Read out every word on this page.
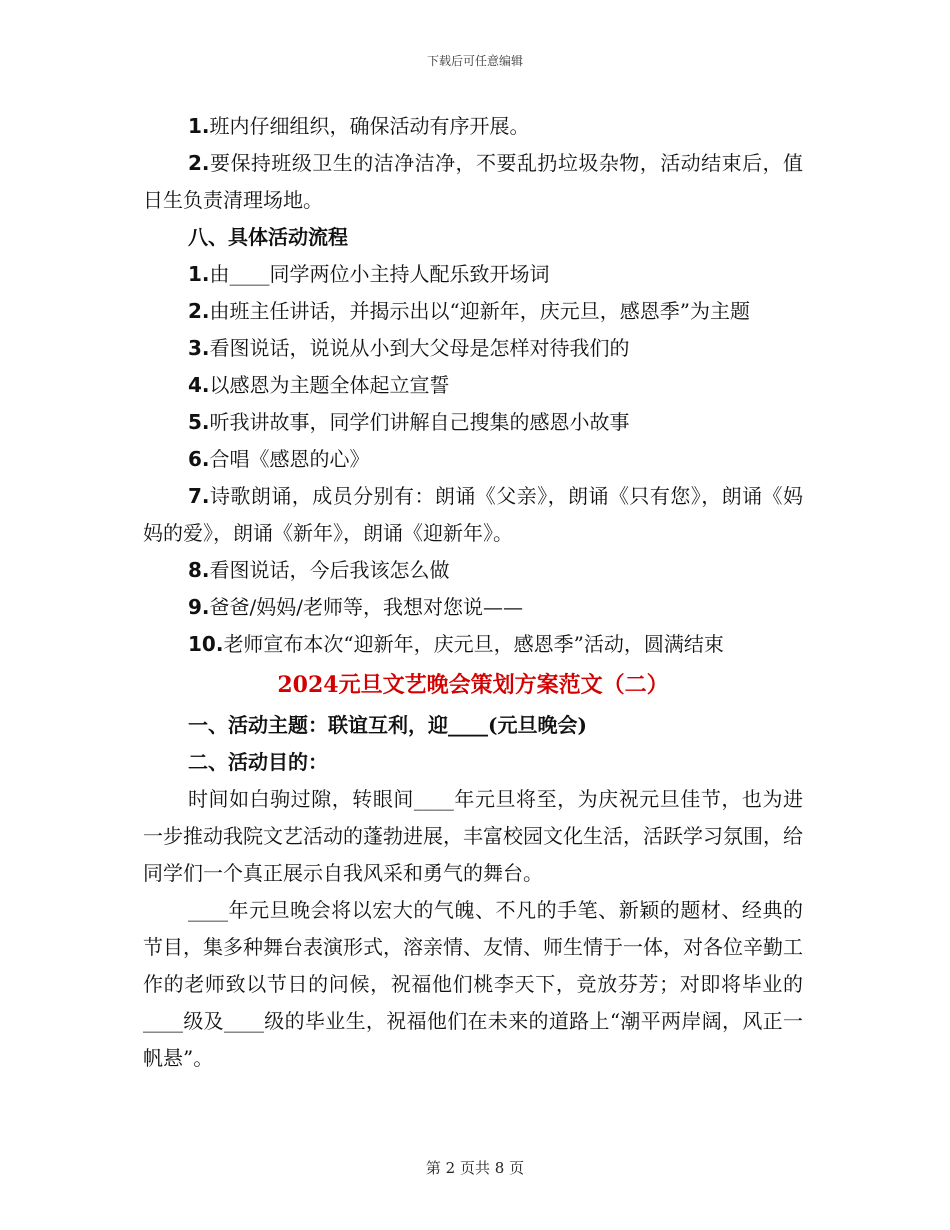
下载后可任意编辑

1.班内仔细组织，确保活动有序开展。

2.要保持班级卫生的洁净洁净，不要乱扔垃圾杂物，活动结束后，值日生负责清理场地。

八、具体活动流程

1.由____同学两位小主持人配乐致开场词

2.由班主任讲话，并揭示出以“迎新年，庆元旦，感恩季”为主题

3.看图说话，说说从小到大父母是怎样对待我们的

4.以感恩为主题全体起立宣誓

5.听我讲故事，同学们讲解自己搜集的感恩小故事

6.合唱《感恩的心》

7.诗歌朗诵，成员分别有：朗诵《父亲》，朗诵《只有您》，朗诵《妈妈的爱》，朗诵《新年》，朗诵《迎新年》。

8.看图说话，今后我该怎么做

9.爸爸/妈妈/老师等，我想对您说——

10.老师宣布本次“迎新年，庆元旦，感恩季”活动，圆满结束

2024元旦文艺晚会策划方案范文（二）

一、活动主题：联谊互利，迎____(元旦晚会)

二、活动目的：

时间如白驹过隙，转眼间____年元旦将至，为庆祝元旦佳节，也为进一步推动我院文艺活动的蓬勃进展，丰富校园文化生活，活跃学习氛围，给同学们一个真正展示自我风采和勇气的舞台。

____年元旦晚会将以宏大的气魄、不凡的手笔、新颖的题材、经典的节目，集多种舞台表演形式，溶亲情、友情、师生情于一体，对各位辛勤工作的老师致以节日的问候，祝福他们桃李天下，竞放芬芳；对即将毕业的____级及____级的毕业生，祝福他们在未来的道路上“潮平两岸阔，风正一帆悬”。

第 2 页共 8 页
